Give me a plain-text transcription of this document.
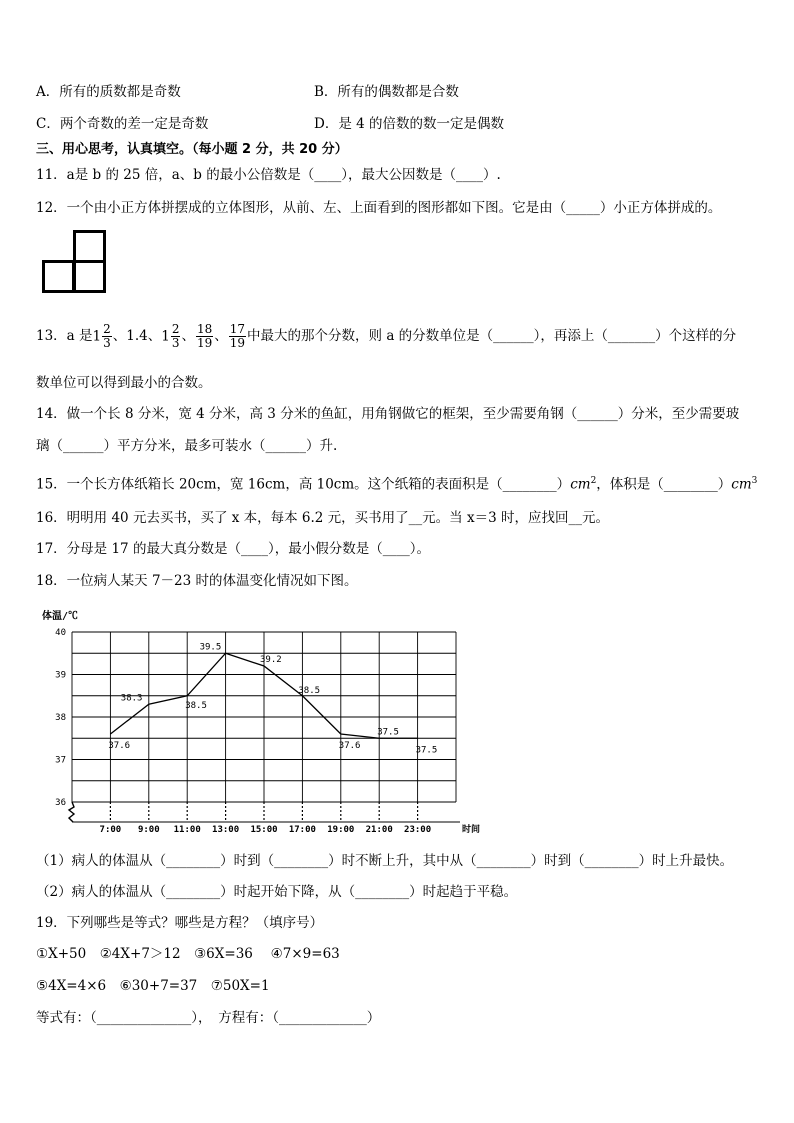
A．所有的质数都是奇数	B．所有的偶数都是合数
C．两个奇数的差一定是奇数	D．是 4 的倍数的数一定是偶数
三、用心思考，认真填空。（每小题 2 分，共 20 分）
11．a是 b 的 25 倍，a、b 的最小公倍数是（____），最大公因数是（____）.
12．一个由小正方体拼摆成的立体图形，从前、左、上面看到的图形都如下图。它是由（_____）小正方体拼成的。
13．a 是$1 \frac{2}{3}$ 、1.4、$1 \frac{2}{3}$ 、 $\frac{18}{19}$ 、 $\frac{17}{19}$ 中最大的那个分数，则 a 的分数单位是（______），再添上（_______）个这样的分
数单位可以得到最小的合数。
14．做一个长 8 分米，宽 4 分米，高 3 分米的鱼缸，用角钢做它的框架，至少需要角钢（______）分米，至少需要玻
璃（______）平方分米，最多可装水（______）升.
15．一个长方体纸箱长 20cm，宽 16cm，高 10cm。这个纸箱的表面积是$(\_\_\_\_\_\_\_\_)cm^2$，体积是$(\_\_\_\_\_\_\_\_)cm^3$
16．明明用 40 元去买书，买了 x 本，每本 6.2 元，买书用了__元。当 x＝3 时，应找回__元。
17．分母是 17 的最大真分数是（____），最小假分数是（____）。
18．一位病人某天 7－23 时的体温变化情况如下图。
体温/℃
36
37
38
39
40
7:00 9:00 11:00 13:00 15:00 17:00 19:00 21:00 23:00
37.6
38.3
38.5
39.5
39.2
38.5
37.6
37.5
37.5
时间
（1）病人的体温从（________）时到（________）时不断上升，其中从（________）时到（________）时上升最快。
（2）病人的体温从（________）时起开始下降，从（________）时起趋于平稳。
19．下列哪些是等式？哪些是方程？（填序号）
①X+50　②4X+7＞12　③6X=36　 ④7×9=63
⑤4X=4×6　⑥30+7=37　⑦50X=1
等式有：（______________），　方程有：（_____________）
